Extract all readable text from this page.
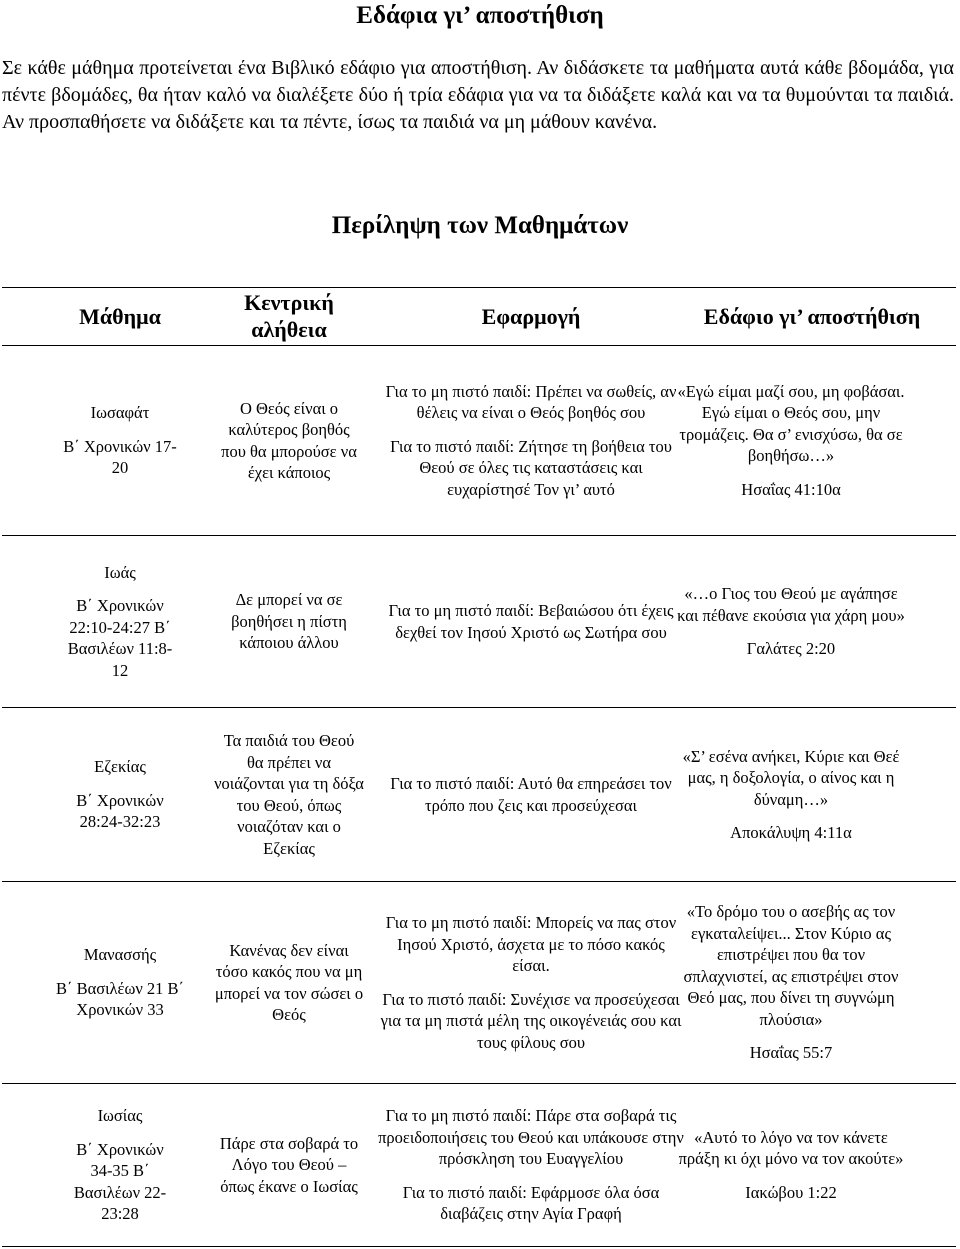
Εδάφια γι’ αποστήθιση

Σε κάθε μάθημα προτείνεται ένα Βιβλικό εδάφιο για αποστήθιση. Αν διδάσκετε τα μαθήματα αυτά κάθε βδομάδα, για πέντε βδομάδες, θα ήταν καλό να διαλέξετε δύο ή τρία εδάφια για να τα διδάξετε καλά και να τα θυμούνται τα παιδιά. Αν προσπαθήσετε να διδάξετε και τα πέντε, ίσως τα παιδιά να μη μάθουν κανένα.

Περίληψη των Μαθημάτων
Μάθημα
Κεντρική αλήθεια
Εφαρμογή	Εδάφιο γι’ αποστήθιση

Ιωσαφάτ

Β΄ Χρονικών 17-20

Ο Θεός είναι ο καλύτερος βοηθός που θα μπορούσε να έχει κάποιος

Για το μη πιστό παιδί: Πρέπει να σωθείς, αν θέλεις να είναι ο Θεός βοηθός σου

Για το πιστό παιδί: Ζήτησε τη βοήθεια του Θεού σε όλες τις καταστάσεις και ευχαρίστησέ Τον γι’ αυτό

«Εγώ είμαι μαζί σου, μη φοβάσαι. Εγώ είμαι ο Θεός σου, μην τρομάζεις. Θα σ’ ενισχύσω, θα σε βοηθήσω…»

Ησαΐας 41:10α

Ιωάς

Β΄ Χρονικών 22:10-24:27 Β΄ Βασιλέων 11:8-12

Δε μπορεί να σε βοηθήσει η πίστη κάποιου άλλου

Για το μη πιστό παιδί: Βεβαιώσου ότι έχεις δεχθεί τον Ιησού Χριστό ως Σωτήρα σου

«…ο Γιος του Θεού με αγάπησε και πέθανε εκούσια για χάρη μου»

Γαλάτες 2:20

Εζεκίας

Β΄ Χρονικών 28:24-32:23

Τα παιδιά του Θεού θα πρέπει να νοιάζονται για τη δόξα του Θεού, όπως νοιαζόταν και ο Εζεκίας

Για το πιστό παιδί: Αυτό θα επηρεάσει τον τρόπο που ζεις και προσεύχεσαι

«Σ’ εσένα ανήκει, Κύριε και Θεέ μας, η δοξολογία, ο αίνος και η δύναμη…»

Αποκάλυψη 4:11α

Μανασσής

Β΄ Βασιλέων 21 Β΄ Χρονικών 33

Κανένας δεν είναι τόσο κακός που να μη μπορεί να τον σώσει ο Θεός

Για το μη πιστό παιδί: Μπορείς να πας στον Ιησού Χριστό, άσχετα με το πόσο κακός είσαι.

Για το πιστό παιδί: Συνέχισε να προσεύχεσαι για τα μη πιστά μέλη της οικογένειάς σου και τους φίλους σου

«Το δρόμο του ο ασεβής ας τον εγκαταλείψει... Στον Κύριο ας επιστρέψει που θα τον σπλαχνιστεί, ας επιστρέψει στον Θεό μας, που δίνει τη συγνώμη πλούσια»

Ησαΐας 55:7

Ιωσίας

Β΄ Χρονικών 34-35 Β΄ Βασιλέων 22-23:28

Πάρε στα σοβαρά το Λόγο του Θεού – όπως έκανε ο Ιωσίας

Για το μη πιστό παιδί: Πάρε στα σοβαρά τις προειδοποιήσεις του Θεού και υπάκουσε στην πρόσκληση του Ευαγγελίου

Για το πιστό παιδί: Εφάρμοσε όλα όσα διαβάζεις στην Αγία Γραφή

«Αυτό το λόγο να τον κάνετε πράξη κι όχι μόνο να τον ακούτε»

Ιακώβου 1:22
